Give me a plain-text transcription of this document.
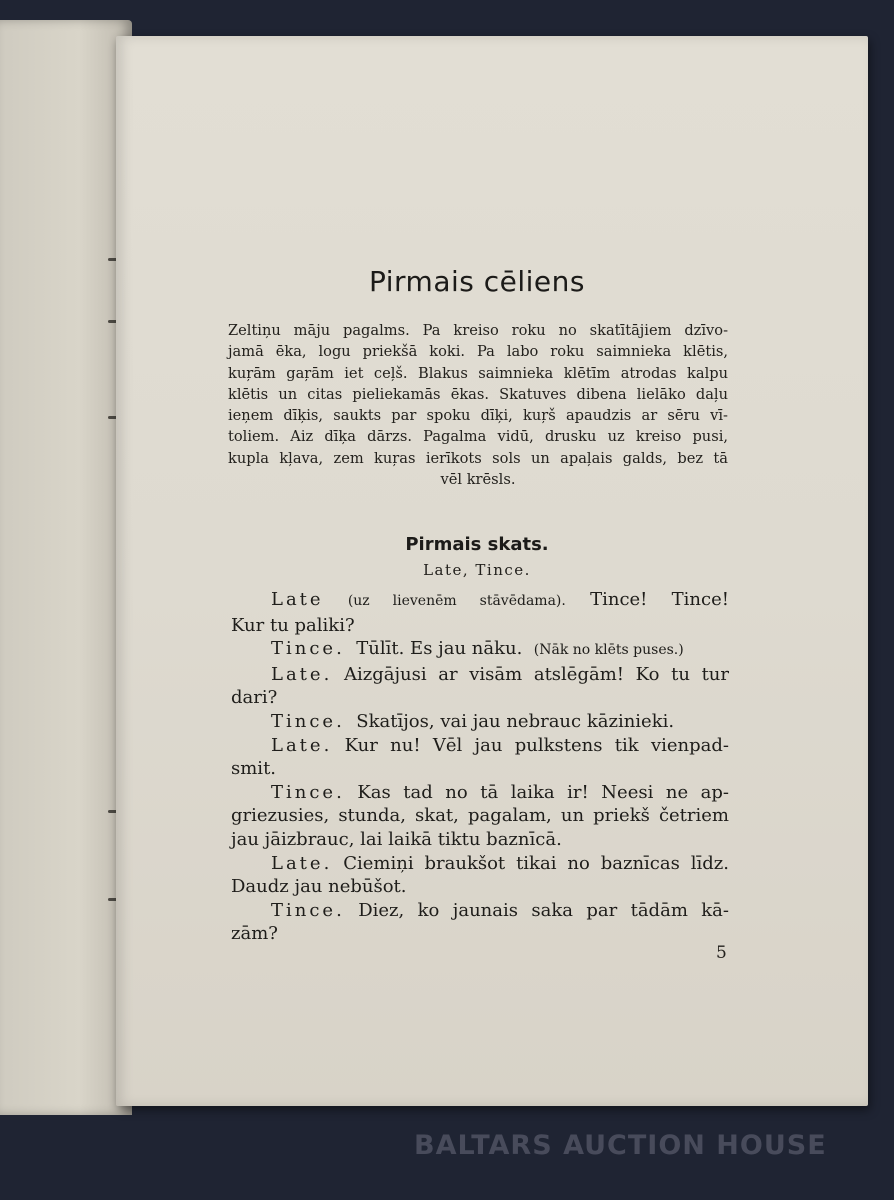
Pirmais cēliens
Zeltiņu māju pagalms. Pa kreiso roku no skatītājiem dzīvo-
jamā ēka, logu priekšā koki. Pa labo roku saimnieka klētis,
kuŗām gaŗām iet ceļš. Blakus saimnieka klētīm atrodas kalpu
klētis un citas pieliekamās ēkas. Skatuves dibena lielāko daļu
ieņem dīķis, saukts par spoku dīķi, kuŗš apaudzis ar sēru vī-
toliem. Aiz dīķa dārzs. Pagalma vidū, drusku uz kreiso pusi,
kupla kļava, zem kuŗas ierīkots sols un apaļais galds, bez tā
vēl krēsls.
Pirmais skats.
Late, Tince.
Late (uz lievenēm stāvēdama). Tince! Tince!
Kur tu paliki?
Tince. Tūlīt. Es jau nāku. (Nāk no klēts puses.)
Late. Aizgājusi ar visām atslēgām! Ko tu tur
dari?
Tince. Skatījos, vai jau nebrauc kāzinieki.
Late. Kur nu! Vēl jau pulkstens tik vienpad-
smit.
Tince. Kas tad no tā laika ir! Neesi ne ap-
griezusies, stunda, skat, pagalam, un priekš četriem
jau jāizbrauc, lai laikā tiktu baznīcā.
Late. Ciemiņi braukšot tikai no baznīcas līdz.
Daudz jau nebūšot.
Tince. Diez, ko jaunais saka par tādām kā-
zām?
5
BALTARS AUCTION HOUSE
